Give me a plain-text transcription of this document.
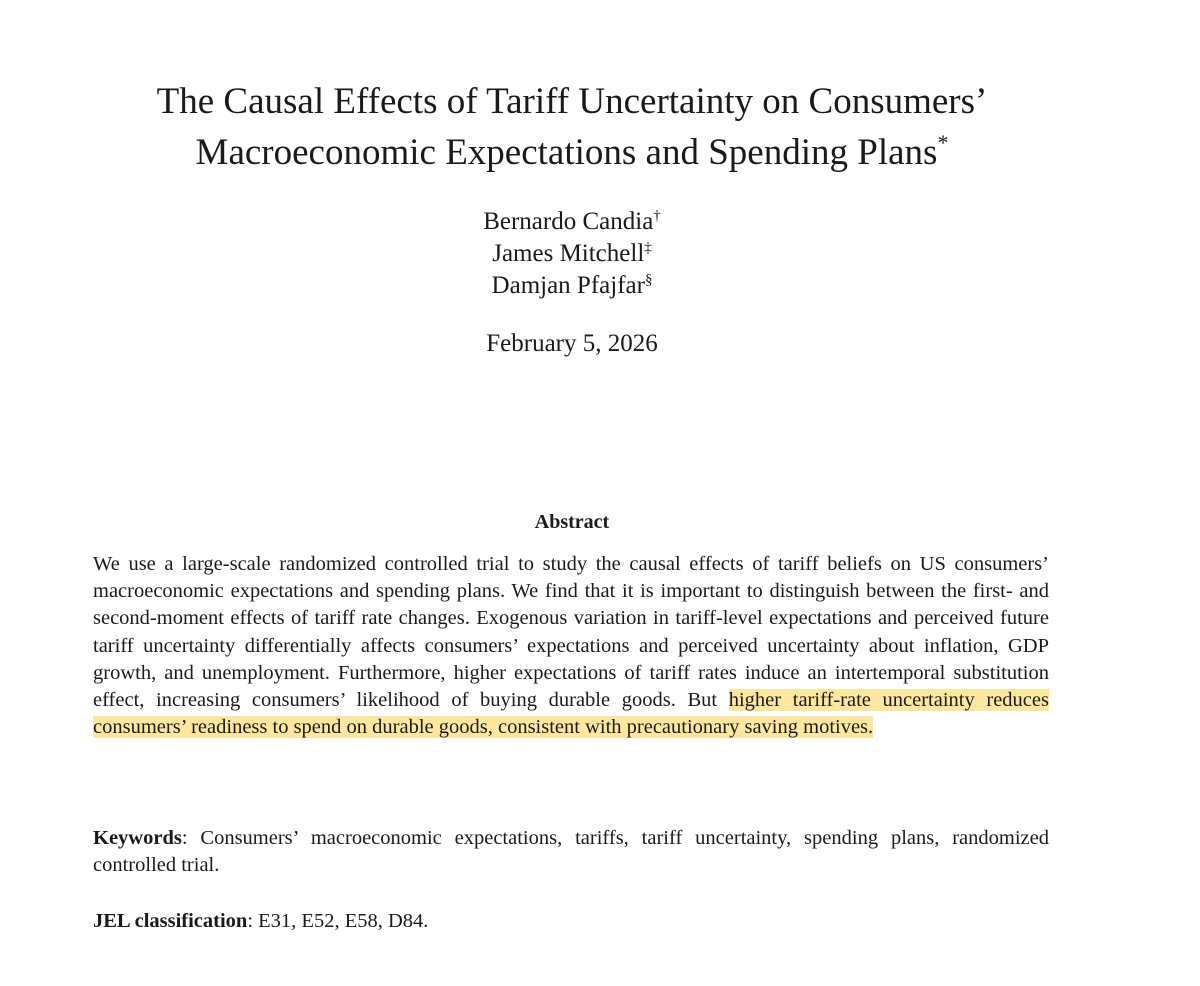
The Causal Effects of Tariff Uncertainty on Consumers’
Macroeconomic Expectations and Spending Plans*
Bernardo Candia†
James Mitchell‡
Damjan Pfajfar§
February 5, 2026
Abstract

We use a large-scale randomized controlled trial to study the causal effects of tariff beliefs on US consumers’ macroeconomic expectations and spending plans. We find that it is important to distinguish between the first- and second-moment effects of tariff rate changes. Exogenous variation in tariff-level expectations and perceived future tariff uncertainty differentially affects consumers’ expectations and perceived uncertainty about inflation, GDP growth, and unemployment. Furthermore, higher expectations of tariff rates induce an intertemporal substitution effect, increasing consumers’ likelihood of buying durable goods. But higher tariff-rate uncertainty reduces consumers’ readiness to spend on durable goods, consistent with precautionary saving motives.

Keywords: Consumers’ macroeconomic expectations, tariffs, tariff uncertainty, spending plans, randomized controlled trial.

JEL classification: E31, E52, E58, D84.
